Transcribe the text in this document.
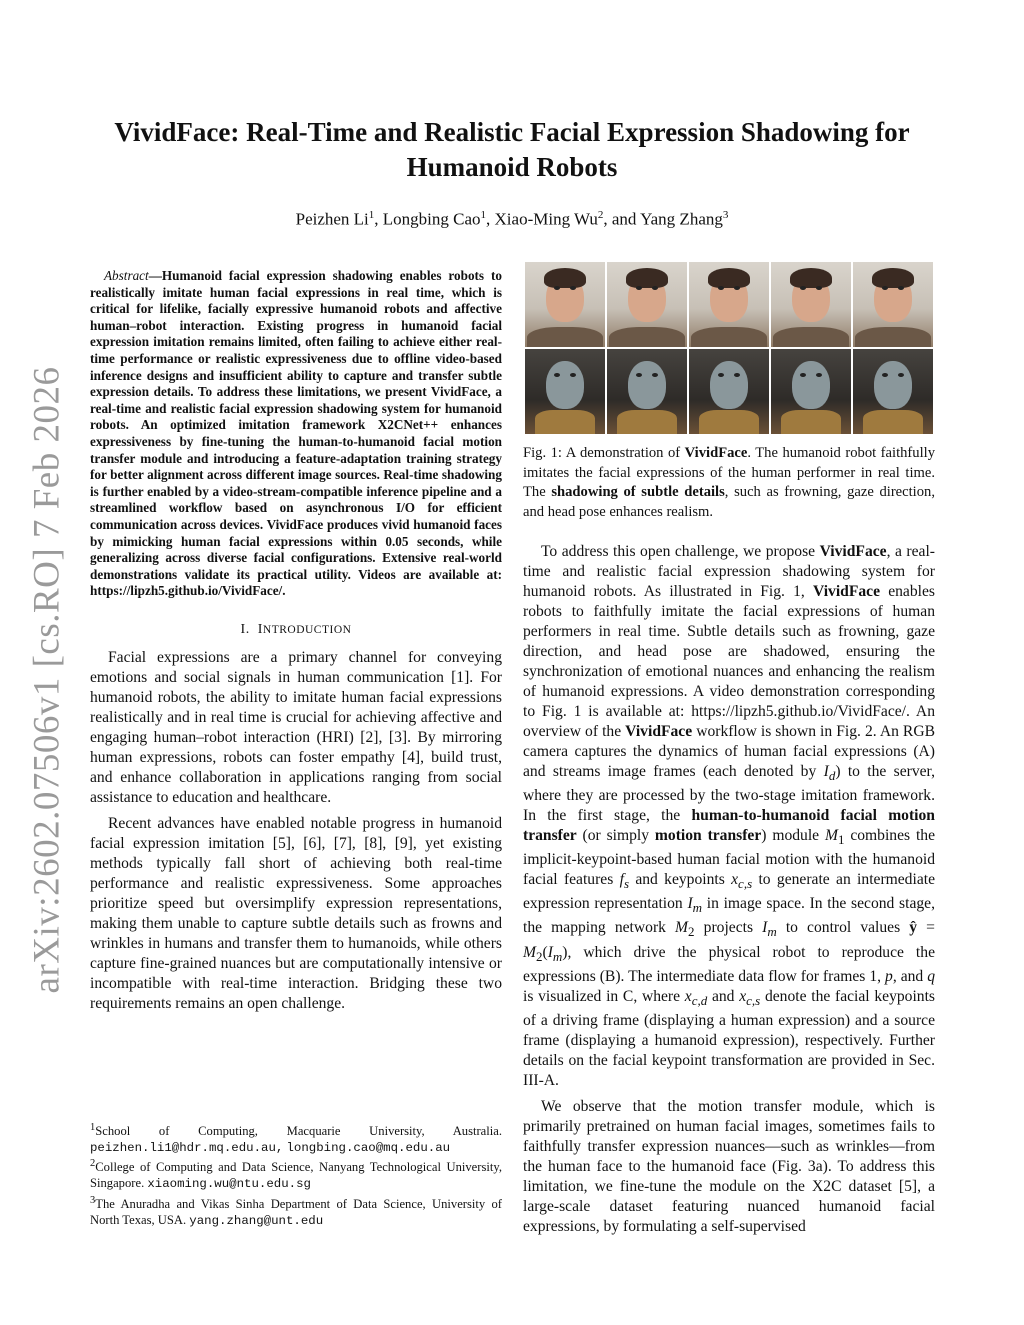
arXiv:2602.07506v1 [cs.RO] 7 Feb 2026
VividFace: Real-Time and Realistic Facial Expression Shadowing for Humanoid Robots
Peizhen Li$^1$, Longbing Cao$^1$, Xiao-Ming Wu$^2$, and Yang Zhang$^3$

Abstract—Humanoid facial expression shadowing enables robots to realistically imitate human facial expressions in real time, which is critical for lifelike, facially expressive humanoid robots and affective human–robot interaction. Existing progress in humanoid facial expression imitation remains limited, often failing to achieve either real-time performance or realistic expressiveness due to offline video-based inference designs and insufficient ability to capture and transfer subtle expression details. To address these limitations, we present VividFace, a real-time and realistic facial expression shadowing system for humanoid robots. An optimized imitation framework X2CNet++ enhances expressiveness by fine-tuning the human-to-humanoid facial motion transfer module and introducing a feature-adaptation training strategy for better alignment across different image sources. Real-time shadowing is further enabled by a video-stream-compatible inference pipeline and a streamlined workflow based on asynchronous I/O for efficient communication across devices. VividFace produces vivid humanoid faces by mimicking human facial expressions within 0.05 seconds, while generalizing across diverse facial configurations. Extensive real-world demonstrations validate its practical utility. Videos are available at: https://lipzh5.github.io/VividFace/.

I. INTRODUCTION

Facial expressions are a primary channel for conveying emotions and social signals in human communication [1]. For humanoid robots, the ability to imitate human facial expressions realistically and in real time is crucial for achieving affective and engaging human–robot interaction (HRI) [2], [3]. By mirroring human expressions, robots can foster empathy [4], build trust, and enhance collaboration in applications ranging from social assistance to education and healthcare.

Recent advances have enabled notable progress in humanoid facial expression imitation [5], [6], [7], [8], [9], yet existing methods typically fall short of achieving both real-time performance and realistic expressiveness. Some approaches prioritize speed but oversimplify expression representations, making them unable to capture subtle details such as frowns and wrinkles in humans and transfer them to humanoids, while others capture fine-grained nuances but are computationally intensive or incompatible with real-time interaction. Bridging these two requirements remains an open challenge.

$^1$School of Computing, Macquarie University, Australia. peizhen.li1@hdr.mq.edu.au, longbing.cao@mq.edu.au

$^2$College of Computing and Data Science, Nanyang Technological University, Singapore. xiaoming.wu@ntu.edu.sg

$^3$The Anuradha and Vikas Sinha Department of Data Science, University of North Texas, USA. yang.zhang@unt.edu

Fig. 1: A demonstration of VividFace. The humanoid robot faithfully imitates the facial expressions of the human performer in real time. The shadowing of subtle details, such as frowning, gaze direction, and head pose enhances realism.

To address this open challenge, we propose VividFace, a real-time and realistic facial expression shadowing system for humanoid robots. As illustrated in Fig. 1, VividFace enables robots to faithfully imitate the facial expressions of human performers in real time. Subtle details such as frowning, gaze direction, and head pose are shadowed, ensuring the synchronization of emotional nuances and enhancing the realism of humanoid expressions. A video demonstration corresponding to Fig. 1 is available at: https://lipzh5.github.io/VividFace/. An overview of the VividFace workflow is shown in Fig. 2. An RGB camera captures the dynamics of human facial expressions (A) and streams image frames (each denoted by $I_d$) to the server, where they are processed by the two-stage imitation framework. In the first stage, the human-to-humanoid facial motion transfer (or simply motion transfer) module $M_1$ combines the implicit-keypoint-based human facial motion with the humanoid facial features $f_s$ and keypoints $x_{c,s}$ to generate an intermediate expression representation $I_m$ in image space. In the second stage, the mapping network $M_2$ projects $I_m$ to control values ŷ = $M_2(I_m)$, which drive the physical robot to reproduce the expressions (B). The intermediate data flow for frames 1, p, and q is visualized in C, where $x_{c,d}$ and $x_{c,s}$ denote the facial keypoints of a driving frame (displaying a human expression) and a source frame (displaying a humanoid expression), respectively. Further details on the facial keypoint transformation are provided in Sec. III-A.

We observe that the motion transfer module, which is primarily pretrained on human facial images, sometimes fails to faithfully transfer expression nuances—such as wrinkles—from the human face to the humanoid face (Fig. 3a). To address this limitation, we fine-tune the module on the X2C dataset [5], a large-scale dataset featuring nuanced humanoid facial expressions, by formulating a self-supervised
